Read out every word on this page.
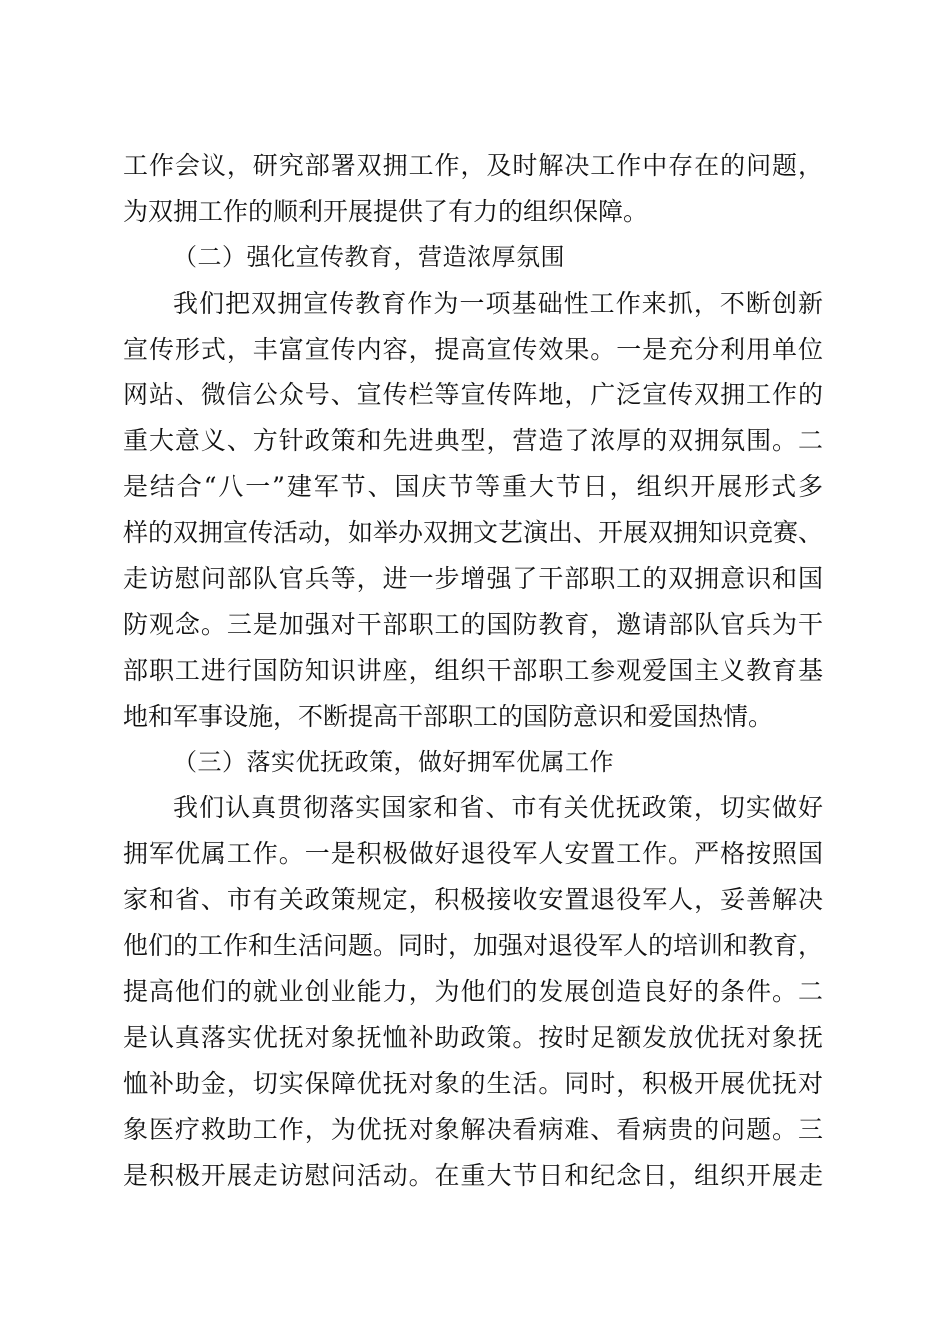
工作会议，研究部署双拥工作，及时解决工作中存在的问题，
为双拥工作的顺利开展提供了有力的组织保障。
（二）强化宣传教育，营造浓厚氛围
我们把双拥宣传教育作为一项基础性工作来抓，不断创新
宣传形式，丰富宣传内容，提高宣传效果。一是充分利用单位
网站、微信公众号、宣传栏等宣传阵地，广泛宣传双拥工作的
重大意义、方针政策和先进典型，营造了浓厚的双拥氛围。二
是结合“八一”建军节、国庆节等重大节日，组织开展形式多
样的双拥宣传活动，如举办双拥文艺演出、开展双拥知识竞赛、
走访慰问部队官兵等，进一步增强了干部职工的双拥意识和国
防观念。三是加强对干部职工的国防教育，邀请部队官兵为干
部职工进行国防知识讲座，组织干部职工参观爱国主义教育基
地和军事设施，不断提高干部职工的国防意识和爱国热情。
（三）落实优抚政策，做好拥军优属工作
我们认真贯彻落实国家和省、市有关优抚政策，切实做好
拥军优属工作。一是积极做好退役军人安置工作。严格按照国
家和省、市有关政策规定，积极接收安置退役军人，妥善解决
他们的工作和生活问题。同时，加强对退役军人的培训和教育，
提高他们的就业创业能力，为他们的发展创造良好的条件。二
是认真落实优抚对象抚恤补助政策。按时足额发放优抚对象抚
恤补助金，切实保障优抚对象的生活。同时，积极开展优抚对
象医疗救助工作，为优抚对象解决看病难、看病贵的问题。三
是积极开展走访慰问活动。在重大节日和纪念日，组织开展走
